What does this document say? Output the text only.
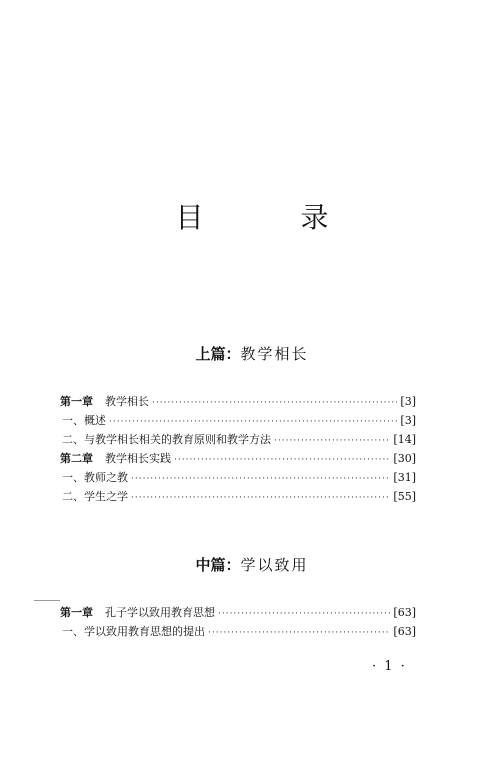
目 录
上篇：教学相长
第一章 教学相长 ·····	[3]
一、概述 ·····	[3]
二、与教学相长相关的教育原则和教学方法 ·····	[14]
第二章 教学相长实践 ·····	[30]
一、教师之教 ·····	[31]
二、学生之学 ·····	[55]
中篇：学以致用
第一章 孔子学以致用教育思想 ·····	[63]
一、学以致用教育思想的提出 ·····	[63]
· 1 ·
